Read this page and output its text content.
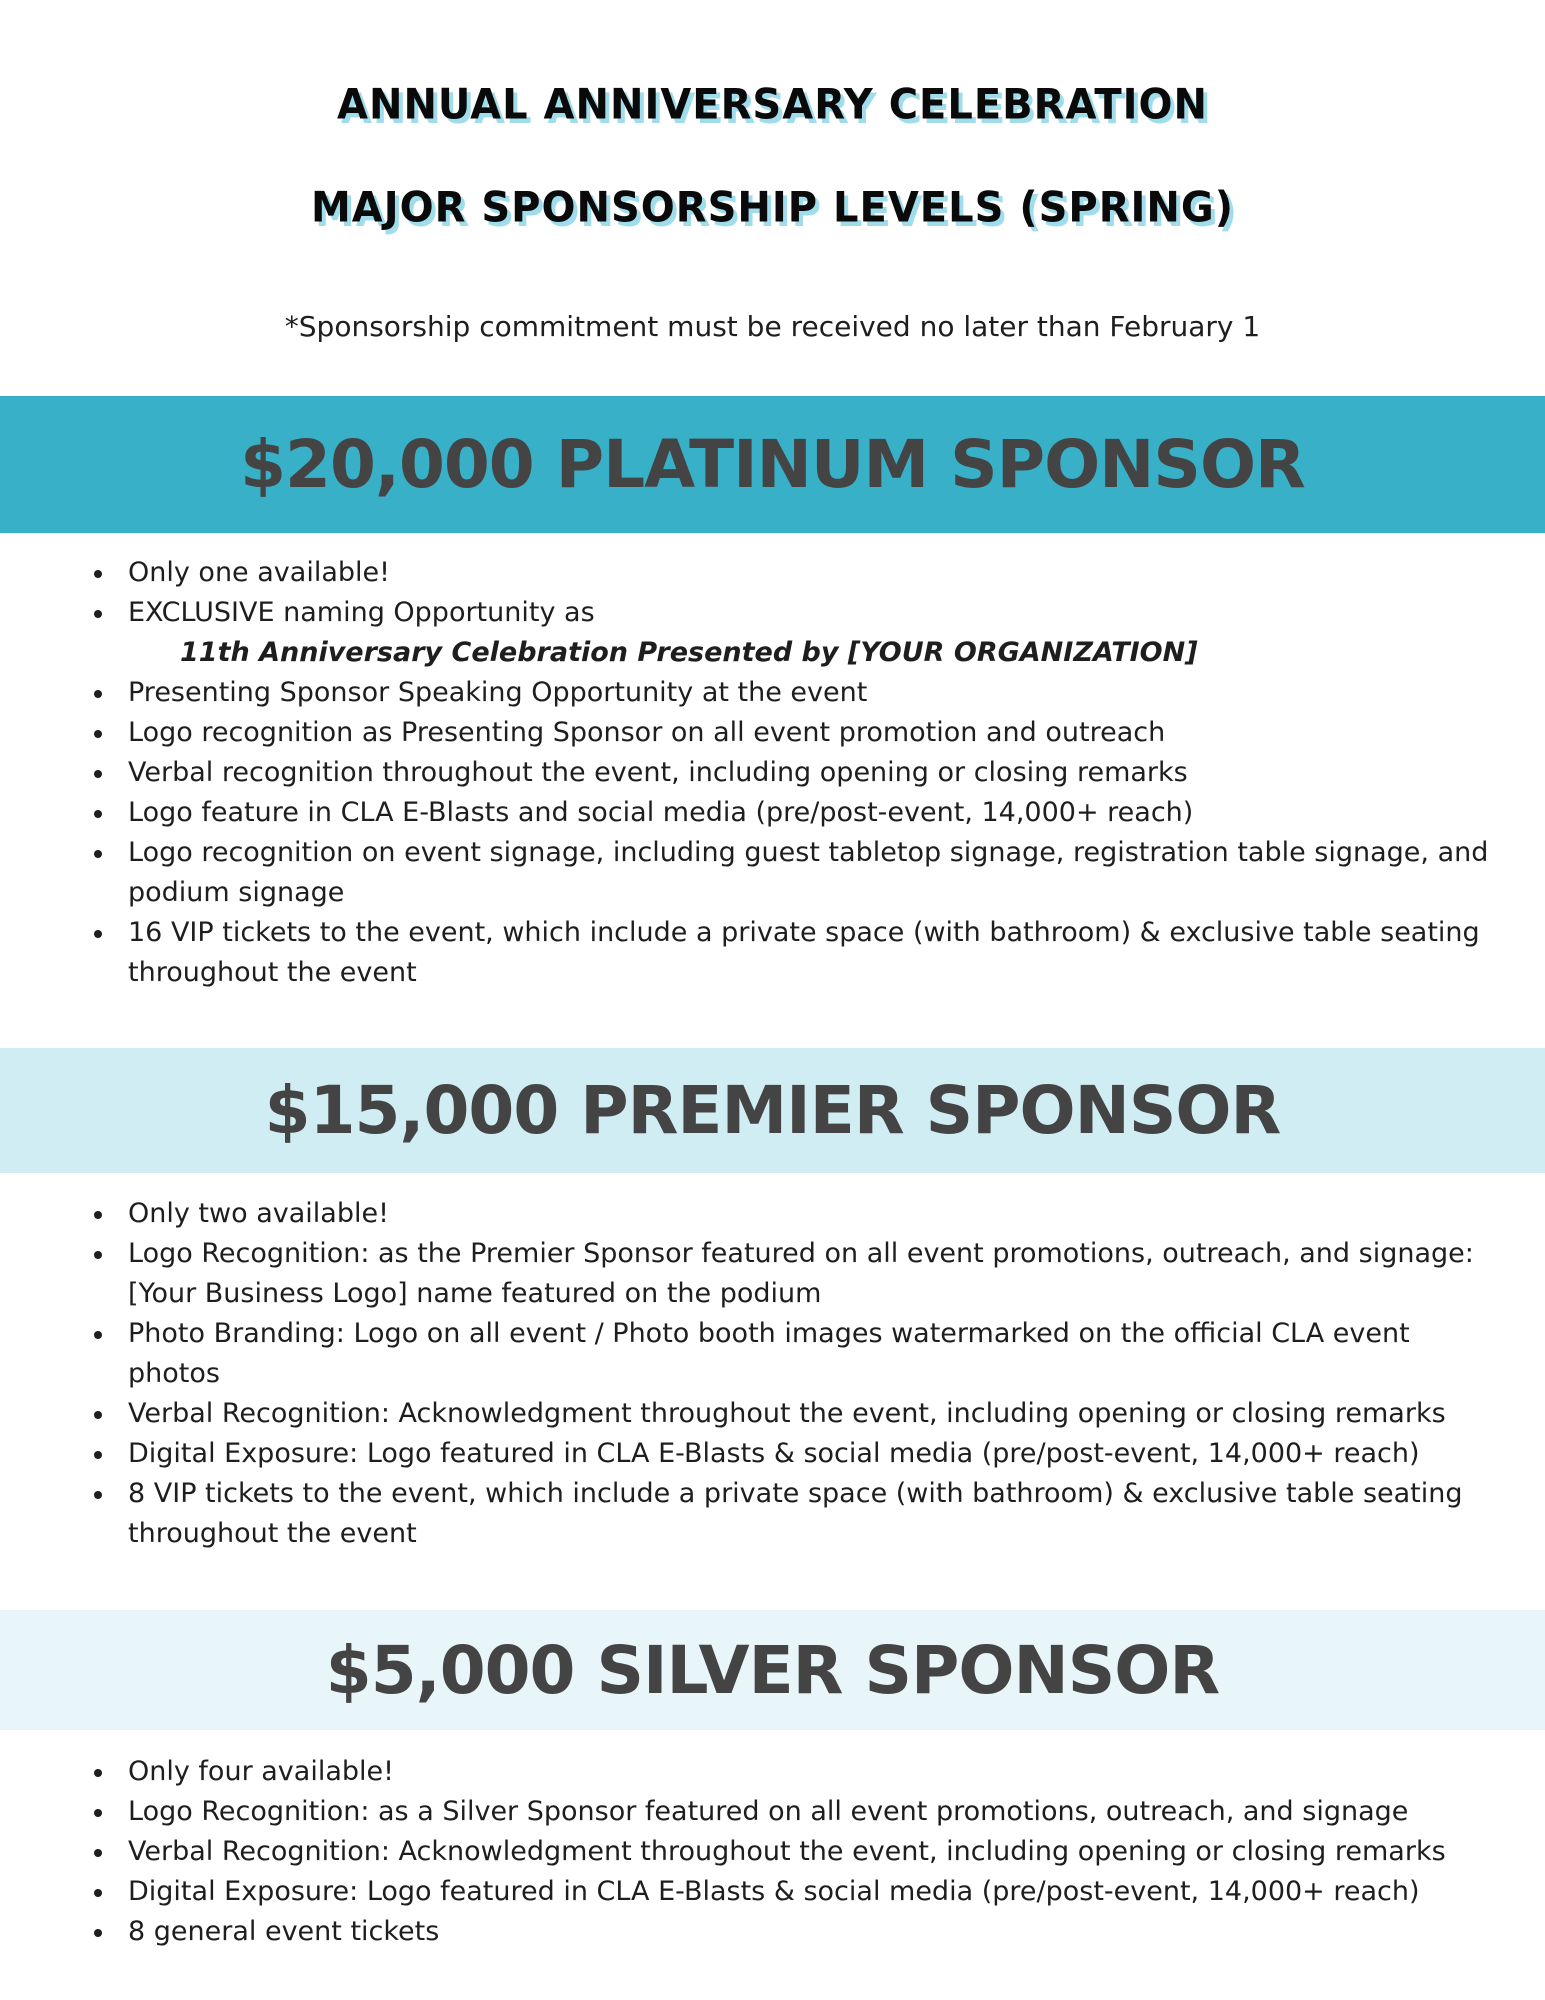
ANNUAL ANNIVERSARY CELEBRATION
MAJOR SPONSORSHIP LEVELS (SPRING)
*Sponsorship commitment must be received no later than February 1
$20,000 PLATINUM SPONSOR
Only one available!
EXCLUSIVE naming Opportunity as
11th Anniversary Celebration Presented by [YOUR ORGANIZATION]
Presenting Sponsor Speaking Opportunity at the event
Logo recognition as Presenting Sponsor on all event promotion and outreach
Verbal recognition throughout the event, including opening or closing remarks
Logo feature in CLA E-Blasts and social media (pre/post-event, 14,000+ reach)
Logo recognition on event signage, including guest tabletop signage, registration table signage, and podium signage
16 VIP tickets to the event, which include a private space (with bathroom) & exclusive table seating throughout the event
$15,000 PREMIER SPONSOR
Only two available!
Logo Recognition: as the Premier Sponsor featured on all event promotions, outreach, and signage: [Your Business Logo] name featured on the podium
Photo Branding: Logo on all event / Photo booth images watermarked on the official CLA event photos
Verbal Recognition: Acknowledgment throughout the event, including opening or closing remarks
Digital Exposure: Logo featured in CLA E-Blasts & social media (pre/post-event, 14,000+ reach)
8 VIP tickets to the event, which include a private space (with bathroom) & exclusive table seating throughout the event
$5,000 SILVER SPONSOR
Only four available!
Logo Recognition: as a Silver Sponsor featured on all event promotions, outreach, and signage
Verbal Recognition: Acknowledgment throughout the event, including opening or closing remarks
Digital Exposure: Logo featured in CLA E-Blasts & social media (pre/post-event, 14,000+ reach)
8 general event tickets
